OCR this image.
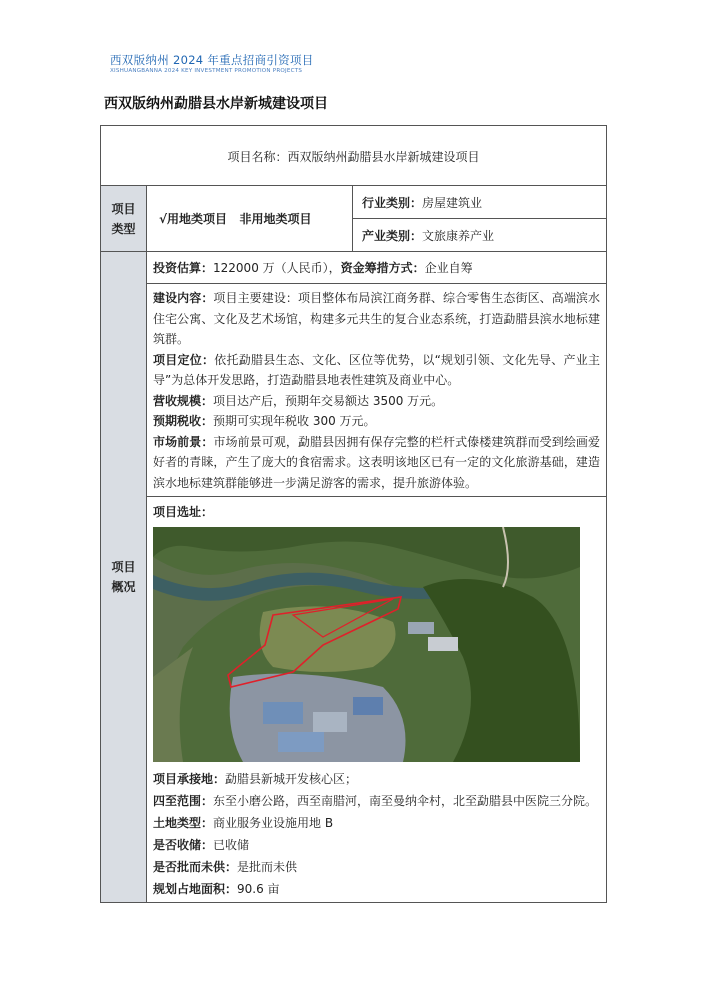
西双版纳州 2024 年重点招商引资项目
XISHUANGBANNA 2024 KEY INVESTMENT PROMOTION PROJECTS
西双版纳州勐腊县水岸新城建设项目
项目名称：西双版纳州勐腊县水岸新城建设项目
项目
类型
√用地类项目   非用地类项目
行业类别： 房屋建筑业
产业类别： 文旅康养产业
项目
概况
投资估算： 122000 万（人民币）， 资金筹措方式： 企业自筹

建设内容：项目主要建设：项目整体布局滨江商务群、综合零售生态街区、高端滨水住宅公寓、文化及艺术场馆，构建多元共生的复合业态系统，打造勐腊县滨水地标建筑群。

项目定位：依托勐腊县生态、文化、区位等优势，以“规划引领、文化先导、产业主导”为总体开发思路，打造勐腊县地表性建筑及商业中心。

营收规模：项目达产后，预期年交易额达 3500 万元。

预期税收：预期可实现年税收 300 万元。

市场前景：市场前景可观，勐腊县因拥有保存完整的栏杆式傣楼建筑群而受到绘画爱好者的青睐，产生了庞大的食宿需求。这表明该地区已有一定的文化旅游基础，建造滨水地标建筑群能够进一步满足游客的需求，提升旅游体验。

项目选址：

项目承接地：勐腊县新城开发核心区；

四至范围：东至小磨公路，西至南腊河，南至曼纳伞村，北至勐腊县中医院三分院。

土地类型：商业服务业设施用地 B

是否收储：已收储

是否批而未供：是批而未供

规划占地面积：90.6 亩
